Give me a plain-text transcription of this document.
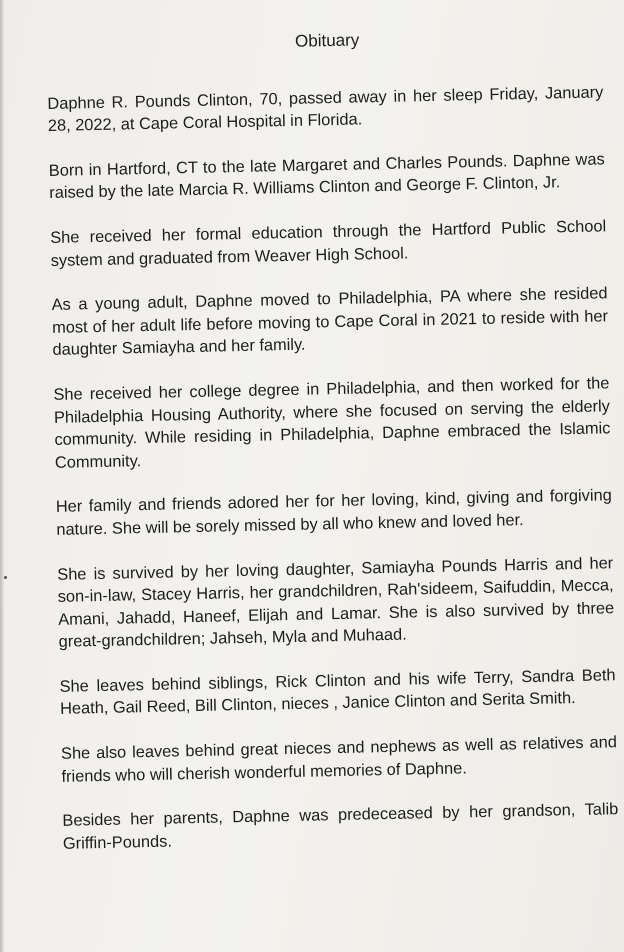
Obituary

Daphne R. Pounds Clinton, 70, passed away in her sleep Friday, January 28, 2022, at Cape Coral Hospital in Florida.

Born in Hartford, CT to the late Margaret and Charles Pounds. Daphne was raised by the late Marcia R. Williams Clinton and George F. Clinton, Jr.

She received her formal education through the Hartford Public School system and graduated from Weaver High School.

As a young adult, Daphne moved to Philadelphia, PA where she resided most of her adult life before moving to Cape Coral in 2021 to reside with her daughter Samiayha and her family.

She received her college degree in Philadelphia, and then worked for the Philadelphia Housing Authority, where she focused on serving the elderly community. While residing in Philadelphia, Daphne embraced the Islamic Community.

Her family and friends adored her for her loving, kind, giving and forgiving nature. She will be sorely missed by all who knew and loved her.

She is survived by her loving daughter, Samiayha Pounds Harris and her son-in-law, Stacey Harris, her grandchildren, Rah'sideem, Saifuddin, Mecca, Amani, Jahadd, Haneef, Elijah and Lamar. She is also survived by three great-grandchildren; Jahseh, Myla and Muhaad.

She leaves behind siblings, Rick Clinton and his wife Terry, Sandra Beth Heath, Gail Reed, Bill Clinton, nieces , Janice Clinton and Serita Smith.

She also leaves behind great nieces and nephews as well as relatives and friends who will cherish wonderful memories of Daphne.

Besides her parents, Daphne was predeceased by her grandson, Talib Griffin-Pounds.
